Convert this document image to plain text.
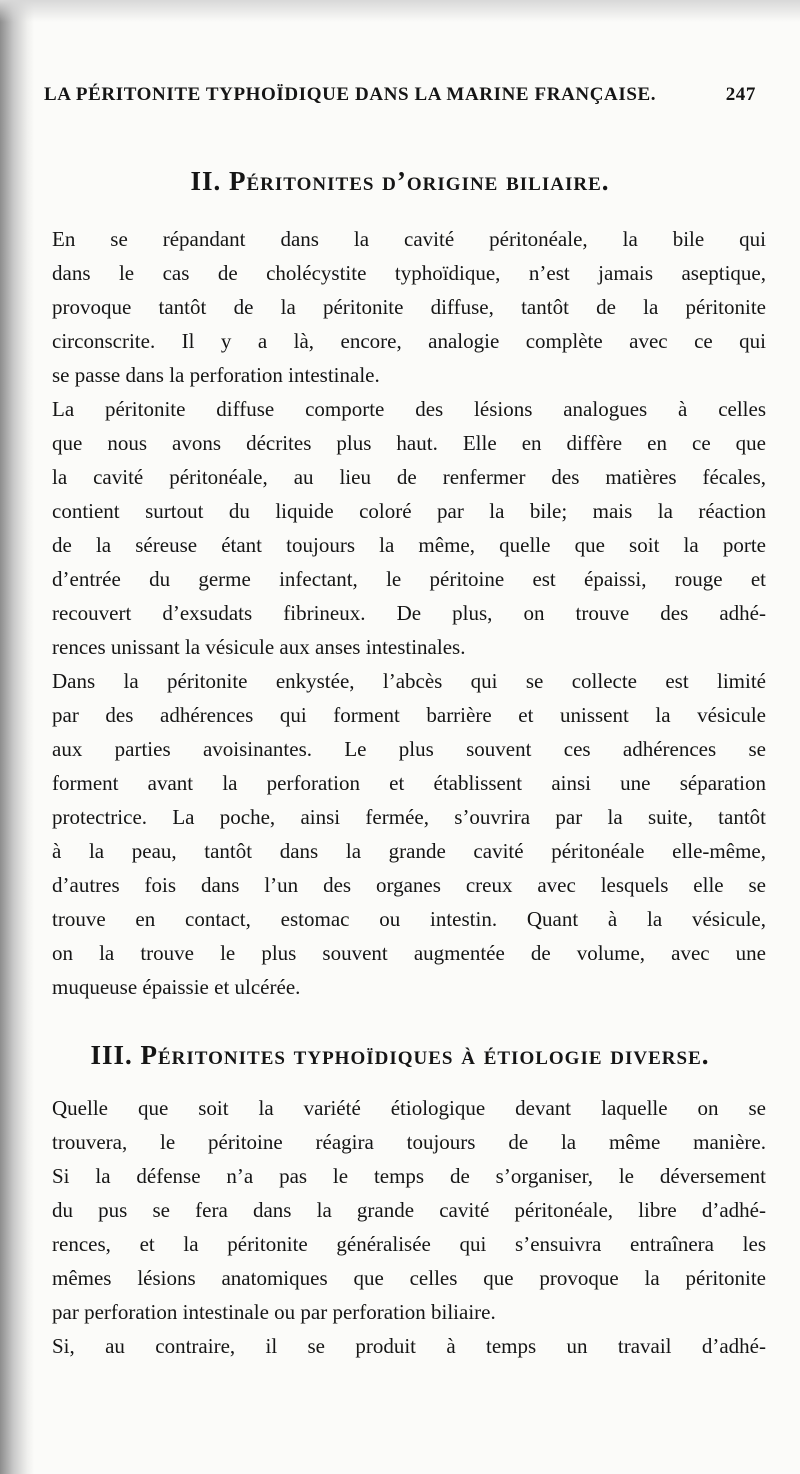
LA PÉRITONITE TYPHOÏDIQUE DANS LA MARINE FRANÇAISE.	247
II. Péritonites d’origine biliaire.
En se répandant dans la cavité péritonéale, la bile qui
dans le cas de cholécystite typhoïdique, n’est jamais aseptique,
provoque tantôt de la péritonite diffuse, tantôt de la péritonite
circonscrite. Il y a là, encore, analogie complète avec ce qui
se passe dans la perforation intestinale.
La péritonite diffuse comporte des lésions analogues à celles
que nous avons décrites plus haut. Elle en diffère en ce que
la cavité péritonéale, au lieu de renfermer des matières fécales,
contient surtout du liquide coloré par la bile; mais la réaction
de la séreuse étant toujours la même, quelle que soit la porte
d’entrée du germe infectant, le péritoine est épaissi, rouge et
recouvert d’exsudats fibrineux. De plus, on trouve des adhé-
rences unissant la vésicule aux anses intestinales.
Dans la péritonite enkystée, l’abcès qui se collecte est limité
par des adhérences qui forment barrière et unissent la vésicule
aux parties avoisinantes. Le plus souvent ces adhérences se
forment avant la perforation et établissent ainsi une séparation
protectrice. La poche, ainsi fermée, s’ouvrira par la suite, tantôt
à la peau, tantôt dans la grande cavité péritonéale elle-même,
d’autres fois dans l’un des organes creux avec lesquels elle se
trouve en contact, estomac ou intestin. Quant à la vésicule,
on la trouve le plus souvent augmentée de volume, avec une
muqueuse épaissie et ulcérée.
III. Péritonites typhoïdiques à étiologie diverse.
Quelle que soit la variété étiologique devant laquelle on se
trouvera, le péritoine réagira toujours de la même manière.
Si la défense n’a pas le temps de s’organiser, le déversement
du pus se fera dans la grande cavité péritonéale, libre d’adhé-
rences, et la péritonite généralisée qui s’ensuivra entraînera les
mêmes lésions anatomiques que celles que provoque la péritonite
par perforation intestinale ou par perforation biliaire.
Si, au contraire, il se produit à temps un travail d’adhé-
